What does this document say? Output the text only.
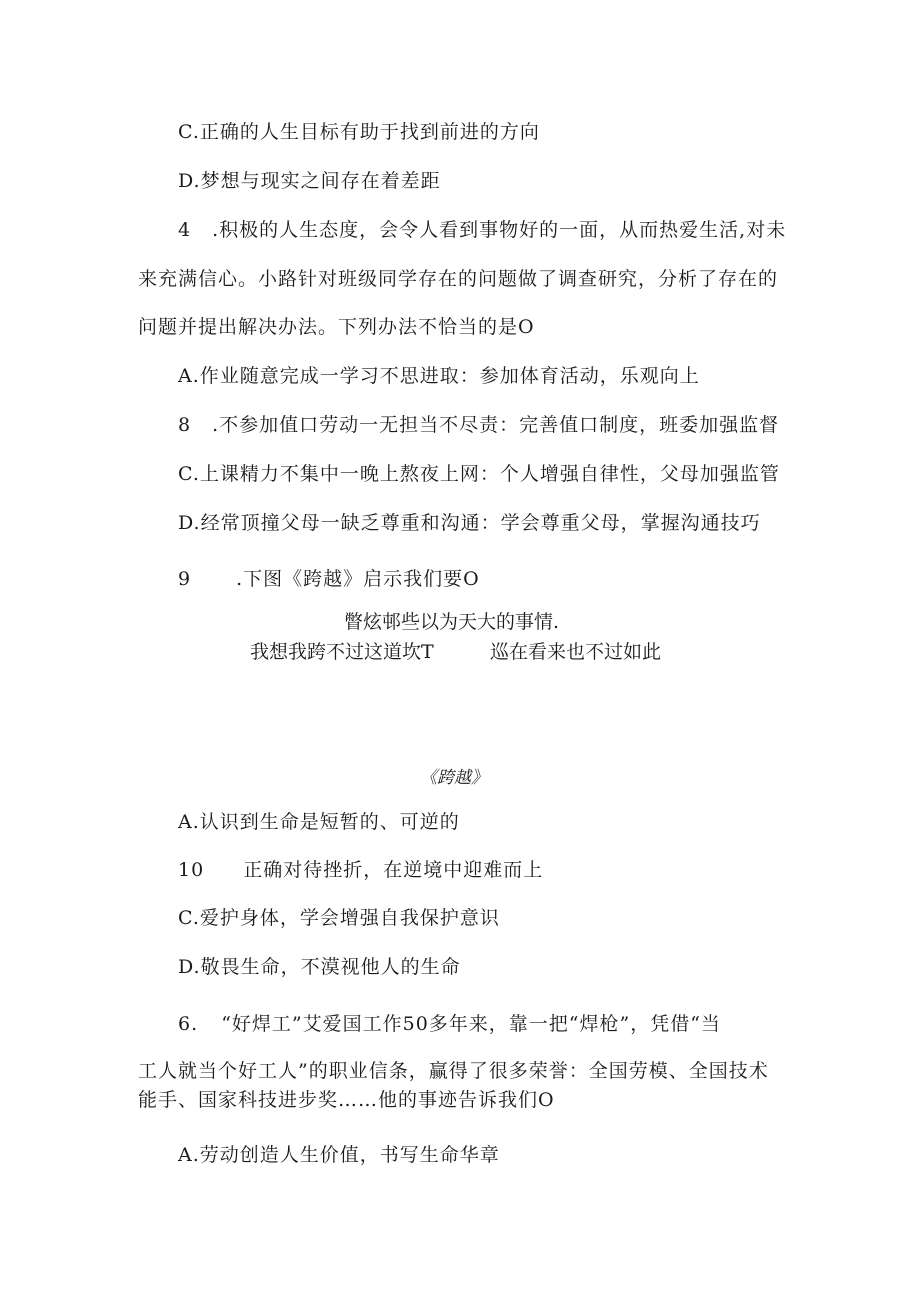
C.正确的人生目标有助于找到前进的方向
D.梦想与现实之间存在着差距
4 .积极的人生态度，会令人看到事物好的一面，从而热爱生活,对未
来充满信心。小路针对班级同学存在的问题做了调查研究，分析了存在的
问题并提出解决办法。下列办法不恰当的是O
A.作业随意完成一学习不思进取：参加体育活动，乐观向上
8 .不参加值口劳动一无担当不尽责：完善值口制度，班委加强监督
C.上课精力不集中一晚上熬夜上网：个人增强自律性，父母加强监管
D.经常顶撞父母一缺乏尊重和沟通：学会尊重父母，掌握沟通技巧
9 .下图《跨越》启示我们要O
瞥炫邨些以为天大的事情.
我想我跨不过这道坎T	巡在看来也不过如此
《跨越》
A.认识到生命是短暂的、可逆的
10 正确对待挫折，在逆境中迎难而上
C.爱护身体，学会增强自我保护意识
D.敬畏生命，不漠视他人的生命
6. “好焊工”艾爱国工作50多年来，靠一把“焊枪”，凭借“当
工人就当个好工人”的职业信条，赢得了很多荣誉：全国劳模、全国技术
能手、国家科技进步奖……他的事迹告诉我们O
A.劳动创造人生价值，书写生命华章
